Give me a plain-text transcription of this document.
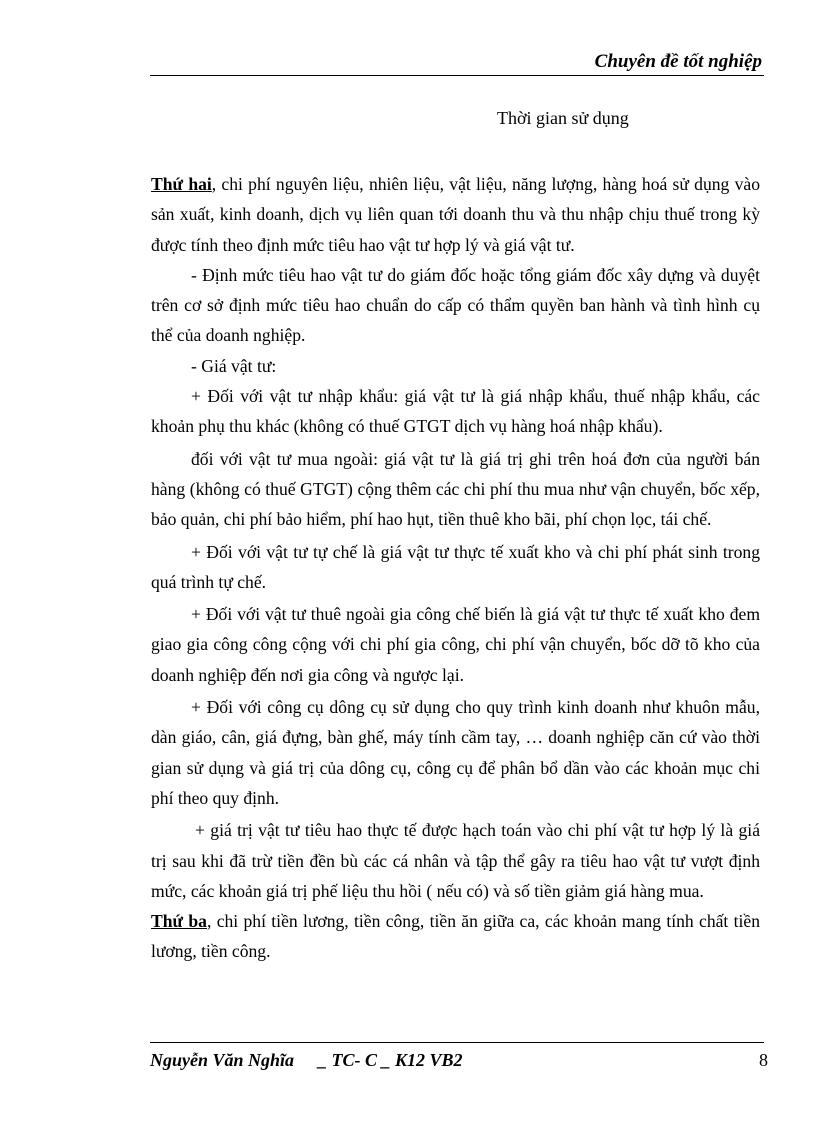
Chuyên đề tốt nghiệp
Thời gian sử dụng

Thứ hai, chi phí nguyên liệu, nhiên liệu, vật liệu, năng lượng, hàng hoá sử dụng vào sản xuất, kinh doanh, dịch vụ liên quan tới doanh thu và thu nhập chịu thuế trong kỳ được tính theo định mức tiêu hao vật tư hợp lý và giá vật tư.

- Định mức tiêu hao vật tư do giám đốc hoặc tổng giám đốc xây dựng và duyệt trên cơ sở định mức tiêu hao chuẩn do cấp có thẩm quyền ban hành và tình hình cụ thể của doanh nghiệp.

- Giá vật tư:

+ Đối với vật tư nhập khẩu: giá vật tư là giá nhập khẩu, thuế nhập khẩu, các khoản phụ thu khác (không có thuế GTGT dịch vụ hàng hoá nhập khẩu).

đối với vật tư mua ngoài: giá vật tư là giá trị ghi trên hoá đơn của người bán hàng (không có thuế GTGT) cộng thêm các chi phí thu mua như vận chuyển, bốc xếp, bảo quản, chi phí bảo hiểm, phí hao hụt, tiền thuê kho bãi, phí chọn lọc, tái chế.

+ Đối với vật tư tự chế là giá vật tư thực tế xuất kho và chi phí phát sinh trong quá trình tự chế.

+ Đối với vật tư thuê ngoài gia công chế biến là giá vật tư thực tế xuất kho đem giao gia công công cộng với chi phí gia công, chi phí vận chuyển, bốc dỡ tõ kho của doanh nghiệp đến nơi gia công và ngược lại.

+ Đối với công cụ dông cụ sử dụng cho quy trình kinh doanh như khuôn mẫu, dàn giáo, cân, giá đựng, bàn ghế, máy tính cầm tay, … doanh nghiệp căn cứ vào thời gian sử dụng và giá trị của dông cụ, công cụ để phân bổ dần vào các khoản mục chi phí theo quy định.

+ giá trị vật tư tiêu hao thực tế được hạch toán vào chi phí vật tư hợp lý là giá trị sau khi đã trừ tiền đền bù các cá nhân và tập thể gây ra tiêu hao vật tư vượt định mức, các khoản giá trị phế liệu thu hồi ( nếu có) và số tiền giảm giá hàng mua.

Thứ ba, chi phí tiền lương, tiền công, tiền ăn giữa ca, các khoản mang tính chất tiền lương, tiền công.

Nguyễn Văn Nghĩa _ TC- C _ K12 VB2	8
